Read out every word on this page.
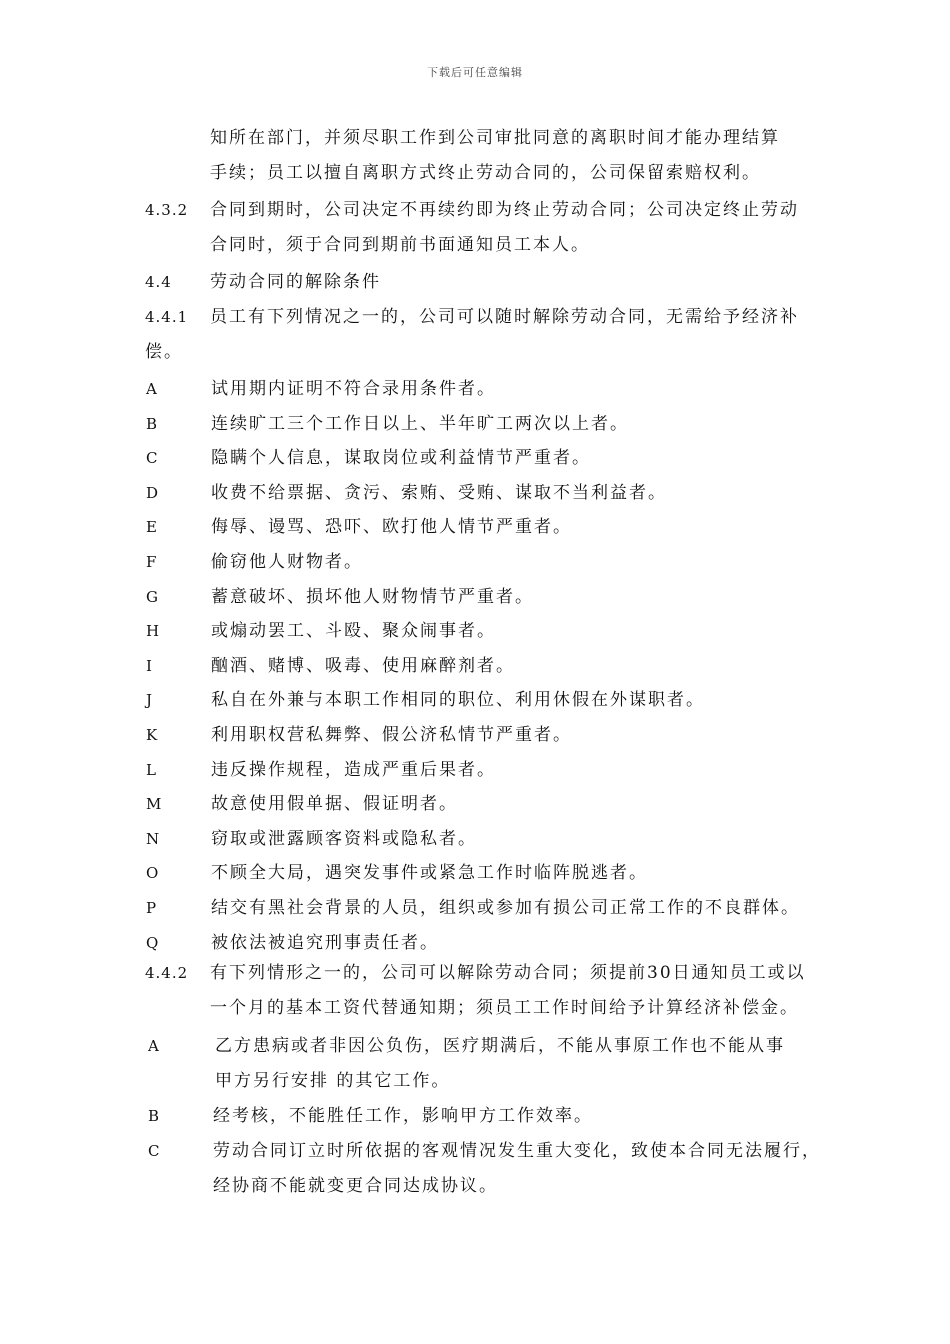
下载后可任意编辑
知所在部门，并须尽职工作到公司审批同意的离职时间才能办理结算
手续；员工以擅自离职方式终止劳动合同的，公司保留索赔权利。
4.3.2 合同到期时，公司决定不再续约即为终止劳动合同；公司决定终止劳动
合同时，须于合同到期前书面通知员工本人。
4.4 劳动合同的解除条件
4.4.1 员工有下列情况之一的，公司可以随时解除劳动合同，无需给予经济补
偿。
A	试用期内证明不符合录用条件者。
B	连续旷工三个工作日以上、半年旷工两次以上者。
C	隐瞒个人信息，谋取岗位或利益情节严重者。
D	收费不给票据、贪污、索贿、受贿、谋取不当利益者。
E	侮辱、谩骂、恐吓、欧打他人情节严重者。
F	偷窃他人财物者。
G	蓄意破坏、损坏他人财物情节严重者。
H	或煽动罢工、斗殴、聚众闹事者。
I	酗酒、赌博、吸毒、使用麻醉剂者。
J	私自在外兼与本职工作相同的职位、利用休假在外谋职者。
K	利用职权营私舞弊、假公济私情节严重者。
L	违反操作规程，造成严重后果者。
M	故意使用假单据、假证明者。
N	窃取或泄露顾客资料或隐私者。
O	不顾全大局，遇突发事件或紧急工作时临阵脱逃者。
P	结交有黑社会背景的人员，组织或参加有损公司正常工作的不良群体。
Q	被依法被追究刑事责任者。
4.4.2 有下列情形之一的，公司可以解除劳动合同；须提前30日通知员工或以
一个月的基本工资代替通知期；须员工工作时间给予计算经济补偿金。
A	乙方患病或者非因公负伤，医疗期满后，不能从事原工作也不能从事
甲方另行安排 的其它工作。
B	经考核，不能胜任工作，影响甲方工作效率。
C	劳动合同订立时所依据的客观情况发生重大变化，致使本合同无法履行，
经协商不能就变更合同达成协议。
